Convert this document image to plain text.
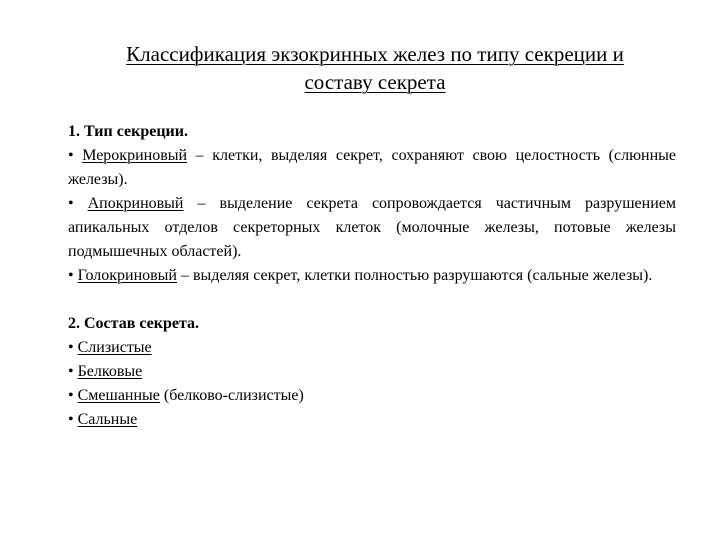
Классификация экзокринных желез по типу секреции и
составу секрета
1. Тип секреции.
• Мерокриновый – клетки, выделяя секрет, сохраняют свою целостность (слюнные железы).
• Апокриновый – выделение секрета сопровождается частичным разрушением апикальных отделов секреторных клеток (молочные железы, потовые железы подмышечных областей).
• Голокриновый – выделяя секрет, клетки полностью разрушаются (сальные железы).
2. Состав секрета.
• Слизистые
• Белковые
• Смешанные (белково-слизистые)
• Сальные
